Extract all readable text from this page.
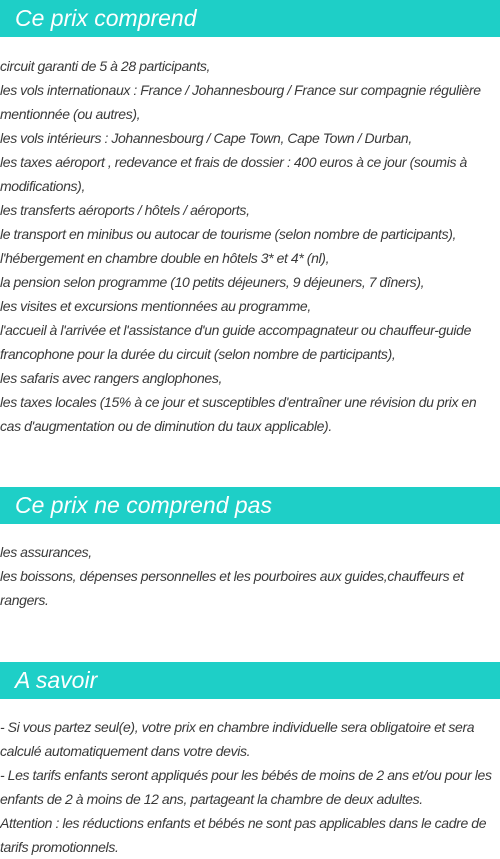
Ce prix comprend
circuit garanti de 5 à 28 participants,
les vols internationaux : France / Johannesbourg / France sur compagnie régulière mentionnée (ou autres),
les vols intérieurs : Johannesbourg / Cape Town, Cape Town / Durban,
les taxes aéroport , redevance et frais de dossier : 400 euros à ce jour (soumis à modifications),
les transferts aéroports / hôtels / aéroports,
le transport en minibus ou autocar de tourisme (selon nombre de participants),
l'hébergement en chambre double en hôtels 3* et 4* (nl),
la pension selon programme (10 petits déjeuners, 9 déjeuners, 7 dîners),
les visites et excursions mentionnées au programme,
l'accueil à l'arrivée et l'assistance d'un guide accompagnateur ou chauffeur-guide francophone pour la durée du circuit (selon nombre de participants),
les safaris avec rangers anglophones,
les taxes locales (15% à ce jour et susceptibles d'entraîner une révision du prix en cas d'augmentation ou de diminution du taux applicable).
Ce prix ne comprend pas
les assurances,
les boissons, dépenses personnelles et les pourboires aux guides,chauffeurs et rangers.
A savoir
- Si vous partez seul(e), votre prix en chambre individuelle sera obligatoire et sera calculé automatiquement dans votre devis.
- Les tarifs enfants seront appliqués pour les bébés de moins de 2 ans et/ou pour les enfants de 2 à moins de 12 ans, partageant la chambre de deux adultes.
Attention : les réductions enfants et bébés ne sont pas applicables dans le cadre de tarifs promotionnels.
